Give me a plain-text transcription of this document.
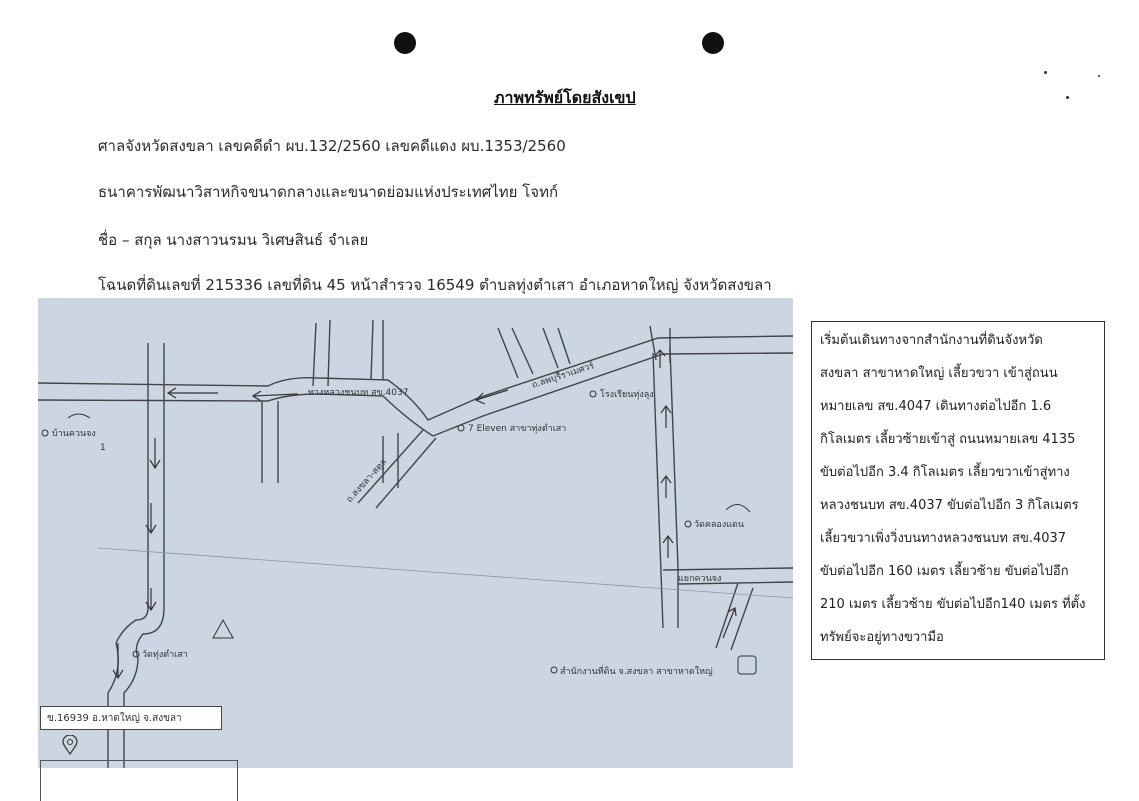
ภาพทรัพย์โดยสังเขป
ศาลจังหวัดสงขลา เลขคดีดำ ผบ.132/2560 เลขคดีแดง ผบ.1353/2560
ธนาคารพัฒนาวิสาหกิจขนาดกลางและขนาดย่อมแห่งประเทศไทย โจทก์
ชื่อ – สกุล นางสาวนรมน วิเศษสินธ์ จำเลย
โฉนดที่ดินเลขที่ 215336 เลขที่ดิน 45 หน้าสำรวจ 16549 ตำบลทุ่งตำเสา อำเภอหาดใหญ่ จังหวัดสงขลา
บ้านควนจง
1
ทางหลวงชนบท สข.4037
ถ.สงขลา-สตูล
ถ.ลพบุรีราเมศวร์
7 Eleven สาขาทุ่งตำเสา
โรงเรียนทุ่งลุง
วัดคลองแดน
วัดทุ่งตำเสา
แยกควนจง
สำนักงานที่ดิน จ.สงขลา สาขาหาดใหญ่

เริ่มต้นเดินทางจากสำนักงานที่ดินจังหวัด

สงขลา สาขาหาดใหญ่ เลี้ยวขวา เข้าสู่ถนน

หมายเลข สข.4047 เดินทางต่อไปอีก 1.6

กิโลเมตร เลี้ยวซ้ายเข้าสู่ ถนนหมายเลข 4135

ขับต่อไปอีก 3.4 กิโลเมตร เลี้ยวขวาเข้าสู่ทาง

หลวงชนบท สข.4037 ขับต่อไปอีก 3 กิโลเมตร

เลี้ยวขวาเพิ่งวิ่งบนทางหลวงชนบท สข.4037

ขับต่อไปอีก 160 เมตร เลี้ยวซ้าย ขับต่อไปอีก

210 เมตร เลี้ยวซ้าย ขับต่อไปอีก140 เมตร ที่ตั้ง

ทรัพย์จะอยู่ทางขวามือ

ข.16939 อ.หาดใหญ่ จ.สงขลา
